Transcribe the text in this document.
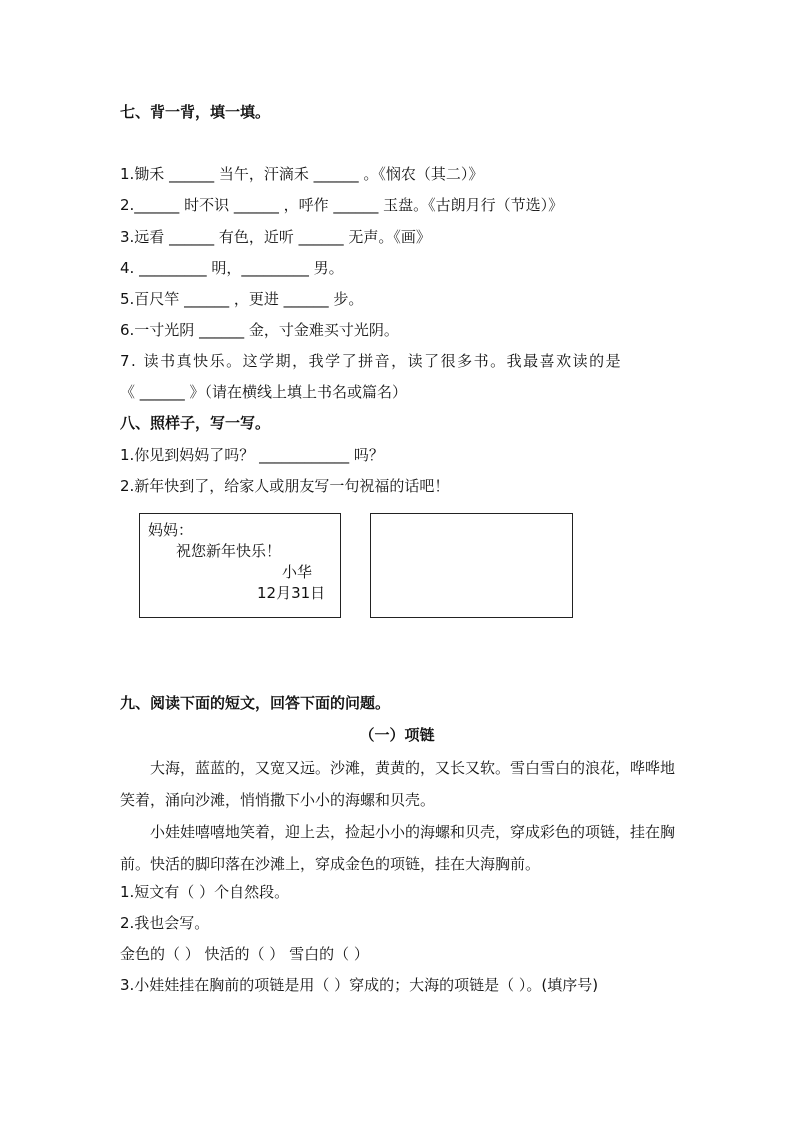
七、背一背，填一填。
1.锄禾 ______ 当午，汗滴禾 ______ 。《悯农（其二）》
2.______ 时不识 ______ ，呼作 ______ 玉盘。《古朗月行（节选）》
3.远看 ______ 有色，近听 ______ 无声。《画》
4. _________ 明，_________ 男。
5.百尺竿 ______ ，更进 ______ 步。
6.一寸光阴 ______ 金，寸金难买寸光阴。
7. 读书真快乐。这学期，我学了拼音，读了很多书。我最喜欢读的是
《 ______ 》（请在横线上填上书名或篇名）
八、照样子，写一写。
1.你见到妈妈了吗？ ____________ 吗？
2.新年快到了，给家人或朋友写一句祝福的话吧！
妈妈：
祝您新年快乐！
小华
12月31日
九、阅读下面的短文，回答下面的问题。
（一）项链
大海，蓝蓝的，又宽又远。沙滩，黄黄的，又长又软。雪白雪白的浪花，哗哗地笑着，涌向沙滩，悄悄撒下小小的海螺和贝壳。
小娃娃嘻嘻地笑着，迎上去，捡起小小的海螺和贝壳，穿成彩色的项链，挂在胸前。快活的脚印落在沙滩上，穿成金色的项链，挂在大海胸前。
1.短文有（ ）个自然段。
2.我也会写。
金色的（ ） 快活的（ ） 雪白的（ ）
3.小娃娃挂在胸前的项链是用（ ）穿成的；大海的项链是（ ）。(填序号)
